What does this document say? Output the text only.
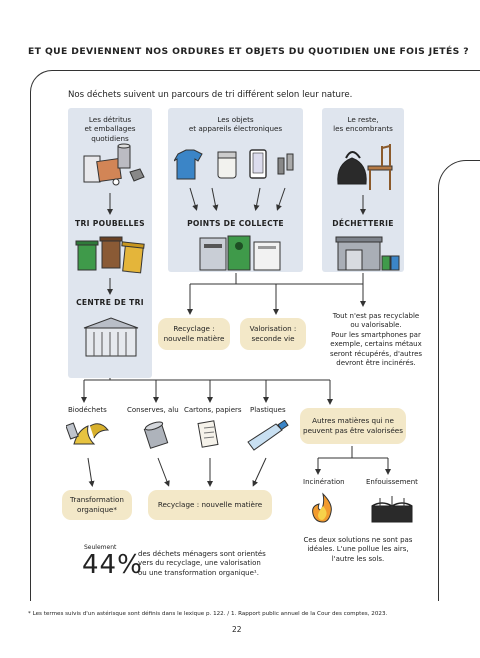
ET QUE DEVIENNENT NOS ORDURES ET OBJETS DU QUOTIDIEN UNE FOIS JETÉS ?
Nos déchets suivent un parcours de tri différent selon leur nature.
Les détritus
et emballages quotidiens
Les objets
et appareils électroniques
Le reste,
les encombrants
TRI POUBELLES	POINTS DE COLLECTE	DÉCHETTERIE
CENTRE DE TRI
Recyclage :
nouvelle matière
Valorisation :
seconde vie
Tout n'est pas recyclable
ou valorisable.
Pour les smartphones par
exemple, certains métaux
seront récupérés, d'autres
devront être incinérés.
Biodéchets	Conserves, alu Cartons, papiers Plastiques
Autres matières qui ne
peuvent pas être valorisées
Incinération	Enfouissement
Ces deux solutions ne sont pas
idéales. L'une pollue les airs,
l'autre les sols.
Transformation
organique*
Recyclage : nouvelle matière
Seulement
44%
des déchets ménagers sont orientés
vers du recyclage, une valorisation
ou une transformation organique¹.
* Les termes suivis d'un astérisque sont définis dans le lexique p. 122. / 1. Rapport public annuel de la Cour des comptes, 2023.
22
